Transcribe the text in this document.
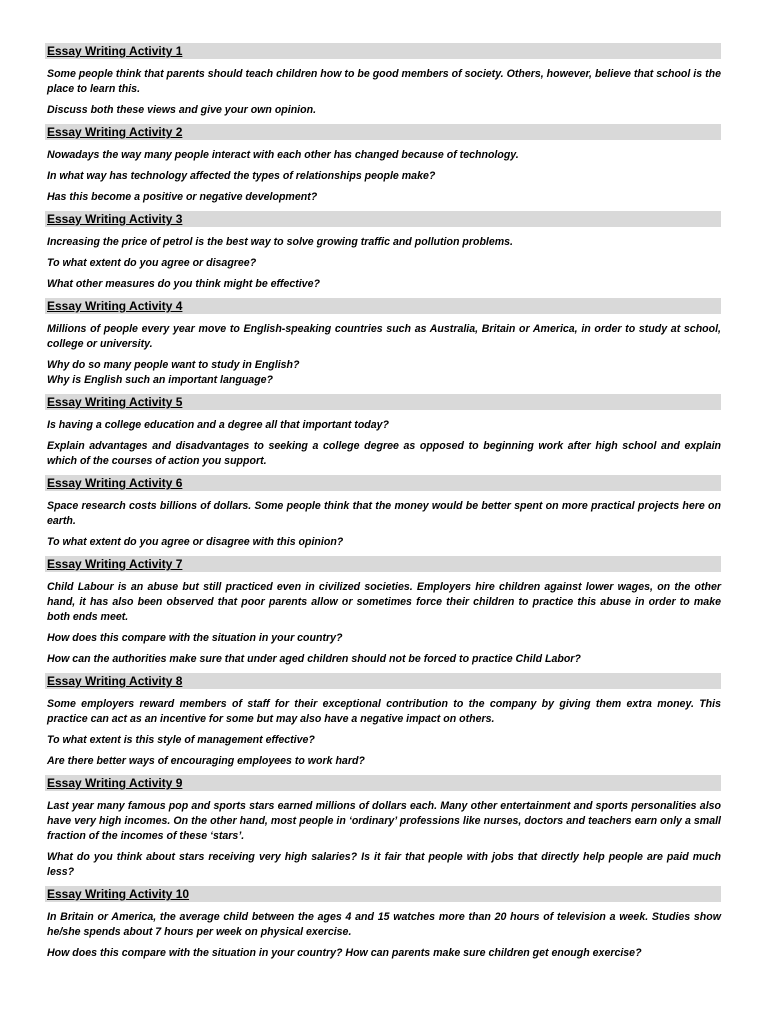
Essay Writing Activity 1

Some people think that parents should teach children how to be good members of society. Others, however, believe that school is the place to learn this.

Discuss both these views and give your own opinion.

Essay Writing Activity 2

Nowadays the way many people interact with each other has changed because of technology.

In what way has technology affected the types of relationships people make?

Has this become a positive or negative development?

Essay Writing Activity 3

Increasing the price of petrol is the best way to solve growing traffic and pollution problems.

To what extent do you agree or disagree?

What other measures do you think might be effective?

Essay Writing Activity 4

Millions of people every year move to English-speaking countries such as Australia, Britain or America, in order to study at school, college or university.

Why do so many people want to study in English?

Why is English such an important language?

Essay Writing Activity 5

Is having a college education and a degree all that important today?

Explain advantages and disadvantages to seeking a college degree as opposed to beginning work after high school and explain which of the courses of action you support.

Essay Writing Activity 6

Space research costs billions of dollars. Some people think that the money would be better spent on more practical projects here on earth.

To what extent do you agree or disagree with this opinion?

Essay Writing Activity 7

Child Labour is an abuse but still practiced even in civilized societies. Employers hire children against lower wages, on the other hand, it has also been observed that poor parents allow or sometimes force their children to practice this abuse in order to make both ends meet.

How does this compare with the situation in your country?

How can the authorities make sure that under aged children should not be forced to practice Child Labor?

Essay Writing Activity 8

Some employers reward members of staff for their exceptional contribution to the company by giving them extra money. This practice can act as an incentive for some but may also have a negative impact on others.

To what extent is this style of management effective?

Are there better ways of encouraging employees to work hard?

Essay Writing Activity 9

Last year many famous pop and sports stars earned millions of dollars each. Many other entertainment and sports personalities also have very high incomes. On the other hand, most people in ‘ordinary’ professions like nurses, doctors and teachers earn only a small fraction of the incomes of these ‘stars’.

What do you think about stars receiving very high salaries? Is it fair that people with jobs that directly help people are paid much less?

Essay Writing Activity 10

In Britain or America, the average child between the ages 4 and 15 watches more than 20 hours of television a week. Studies show he/she spends about 7 hours per week on physical exercise.

How does this compare with the situation in your country? How can parents make sure children get enough exercise?
